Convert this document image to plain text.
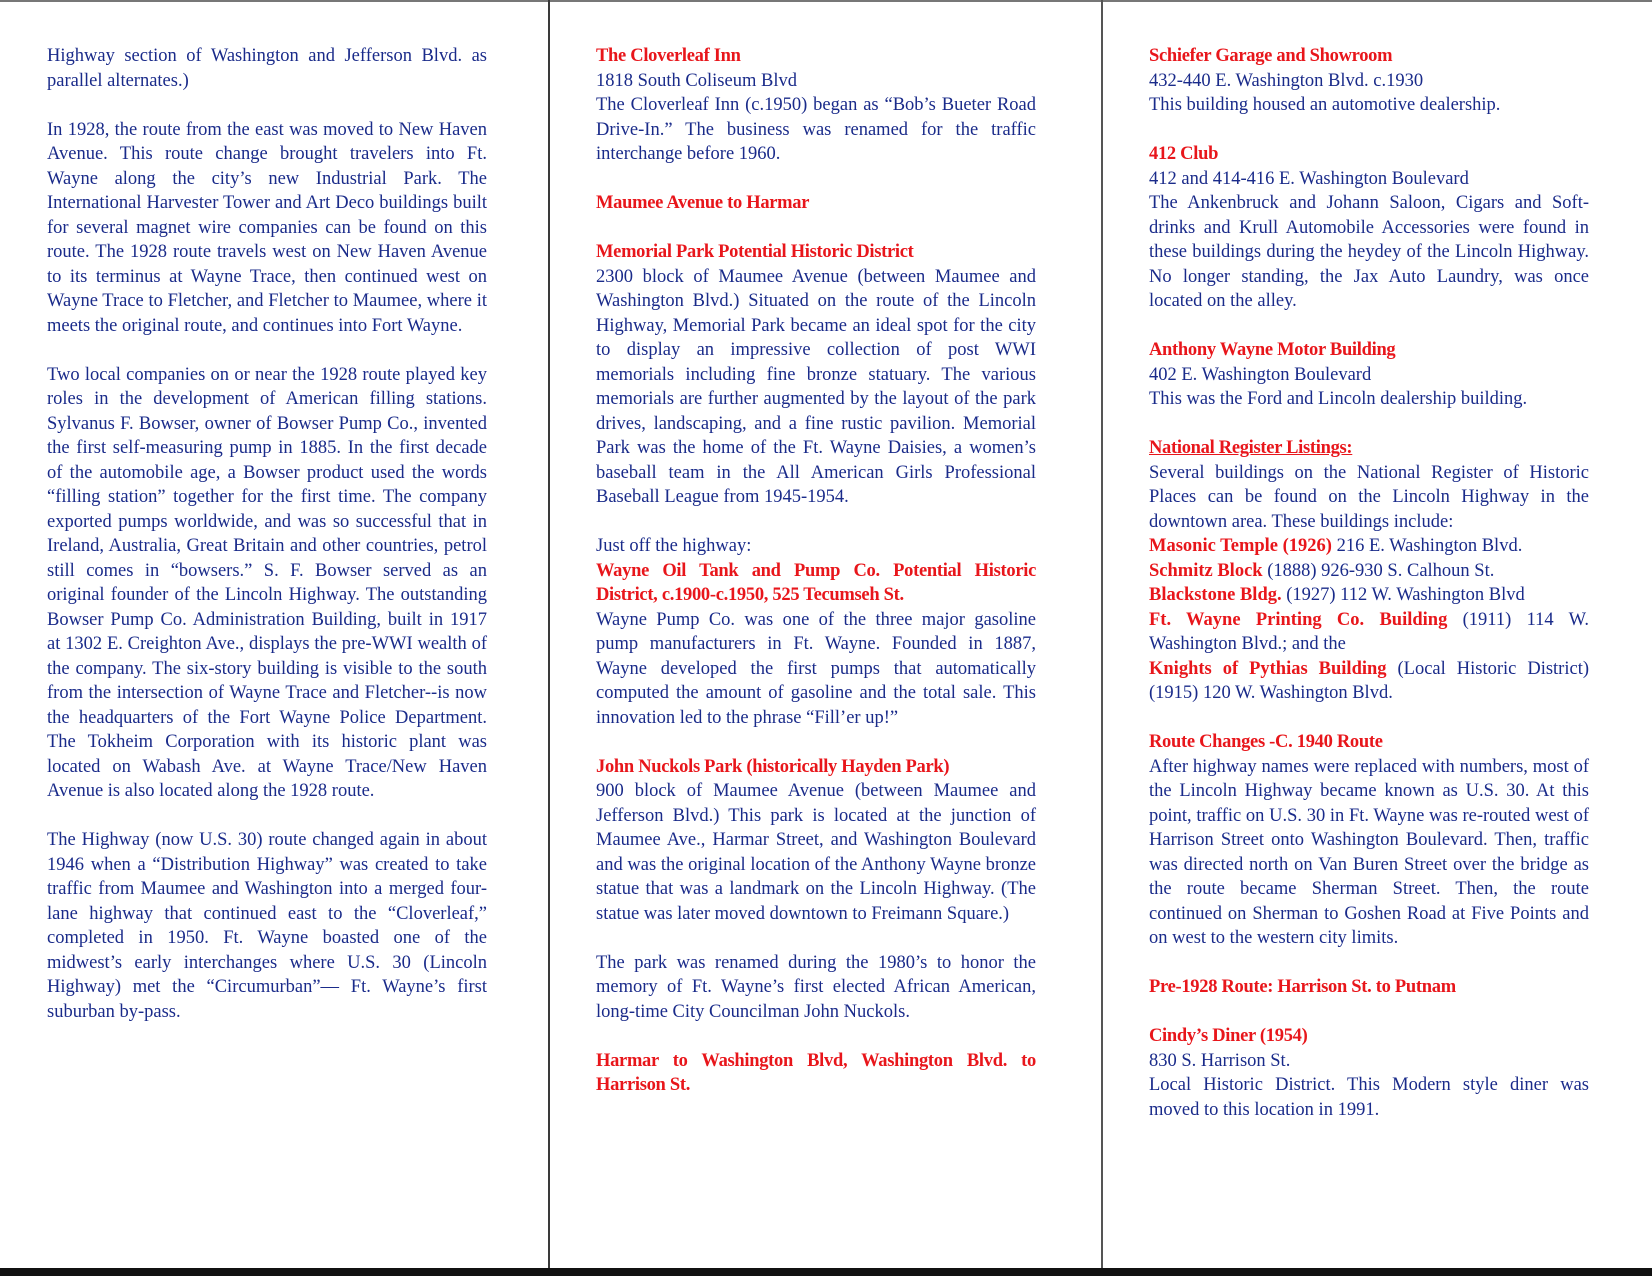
Highway section of Washington and Jefferson Blvd. as parallel alternates.)

In 1928, the route from the east was moved to New Haven Avenue. This route change brought travelers into Ft. Wayne along the city’s new Industrial Park. The International Harvester Tower and Art Deco buildings built for several magnet wire companies can be found on this route. The 1928 route travels west on New Haven Avenue to its terminus at Wayne Trace, then continued west on Wayne Trace to Fletcher, and Fletcher to Maumee, where it meets the original route, and continues into Fort Wayne.

Two local companies on or near the 1928 route played key roles in the development of American filling stations. Sylvanus F. Bowser, owner of Bowser Pump Co., invented the first self-measuring pump in 1885. In the first decade of the automobile age, a Bowser product used the words “filling station” together for the first time. The company exported pumps worldwide, and was so successful that in Ireland, Australia, Great Britain and other countries, petrol still comes in “bowsers.” S. F. Bowser served as an original founder of the Lincoln Highway. The outstanding Bowser Pump Co. Administration Building, built in 1917 at 1302 E. Creighton Ave., displays the pre-WWI wealth of the company. The six-story building is visible to the south from the intersection of Wayne Trace and Fletcher--is now the headquarters of the Fort Wayne Police Department. The Tokheim Corporation with its historic plant was located on Wabash Ave. at Wayne Trace/New Haven Avenue is also located along the 1928 route.

The Highway (now U.S. 30) route changed again in about 1946 when a “Distribution Highway” was created to take traffic from Maumee and Washington into a merged four-lane highway that continued east to the “Cloverleaf,” completed in 1950. Ft. Wayne boasted one of the midwest’s early interchanges where U.S. 30 (Lincoln Highway) met the “Circumurban”— Ft. Wayne’s first suburban by-pass.

The Cloverleaf Inn
1818 South Coliseum Blvd
The Cloverleaf Inn (c.1950) began as “Bob’s Bueter Road Drive-In.” The business was renamed for the traffic interchange before 1960.
Maumee Avenue to Harmar
Memorial Park Potential Historic District
2300 block of Maumee Avenue (between Maumee and Washington Blvd.) Situated on the route of the Lincoln Highway, Memorial Park became an ideal spot for the city to display an impressive collection of post WWI memorials including fine bronze statuary. The various memorials are further augmented by the layout of the park drives, landscaping, and a fine rustic pavilion. Memorial Park was the home of the Ft. Wayne Daisies, a women’s baseball team in the All American Girls Professional Baseball League from 1945-1954.
Just off the highway:
Wayne Oil Tank and Pump Co. Potential Historic District, c.1900-c.1950, 525 Tecumseh St.
Wayne Pump Co. was one of the three major gasoline pump manufacturers in Ft. Wayne. Founded in 1887, Wayne developed the first pumps that automatically computed the amount of gasoline and the total sale. This innovation led to the phrase “Fill’er up!”
John Nuckols Park (historically Hayden Park)
900 block of Maumee Avenue (between Maumee and Jefferson Blvd.) This park is located at the junction of Maumee Ave., Harmar Street, and Washington Boulevard and was the original location of the Anthony Wayne bronze statue that was a landmark on the Lincoln Highway. (The statue was later moved downtown to Freimann Square.)
The park was renamed during the 1980’s to honor the memory of Ft. Wayne’s first elected African American, long-time City Councilman John Nuckols.
Harmar to Washington Blvd, Washington Blvd. to Harrison St.
Schiefer Garage and Showroom
432-440 E. Washington Blvd. c.1930
This building housed an automotive dealership.
412 Club
412 and 414-416 E. Washington Boulevard
The Ankenbruck and Johann Saloon, Cigars and Soft-drinks and Krull Automobile Accessories were found in these buildings during the heydey of the Lincoln Highway. No longer standing, the Jax Auto Laundry, was once located on the alley.
Anthony Wayne Motor Building
402 E. Washington Boulevard
This was the Ford and Lincoln dealership building.
National Register Listings:
Several buildings on the National Register of Historic Places can be found on the Lincoln Highway in the downtown area. These buildings include:
Masonic Temple (1926) 216 E. Washington Blvd.
Schmitz Block (1888) 926-930 S. Calhoun St.
Blackstone Bldg. (1927) 112 W. Washington Blvd
Ft. Wayne Printing Co. Building (1911) 114 W. Washington Blvd.; and the
Knights of Pythias Building (Local Historic District) (1915) 120 W. Washington Blvd.
Route Changes -C. 1940 Route
After highway names were replaced with numbers, most of the Lincoln Highway became known as U.S. 30. At this point, traffic on U.S. 30 in Ft. Wayne was re-routed west of Harrison Street onto Washington Boulevard. Then, traffic was directed north on Van Buren Street over the bridge as the route became Sherman Street. Then, the route continued on Sherman to Goshen Road at Five Points and on west to the western city limits.
Pre-1928 Route: Harrison St. to Putnam
Cindy’s Diner (1954)
830 S. Harrison St.
Local Historic District. This Modern style diner was moved to this location in 1991.
